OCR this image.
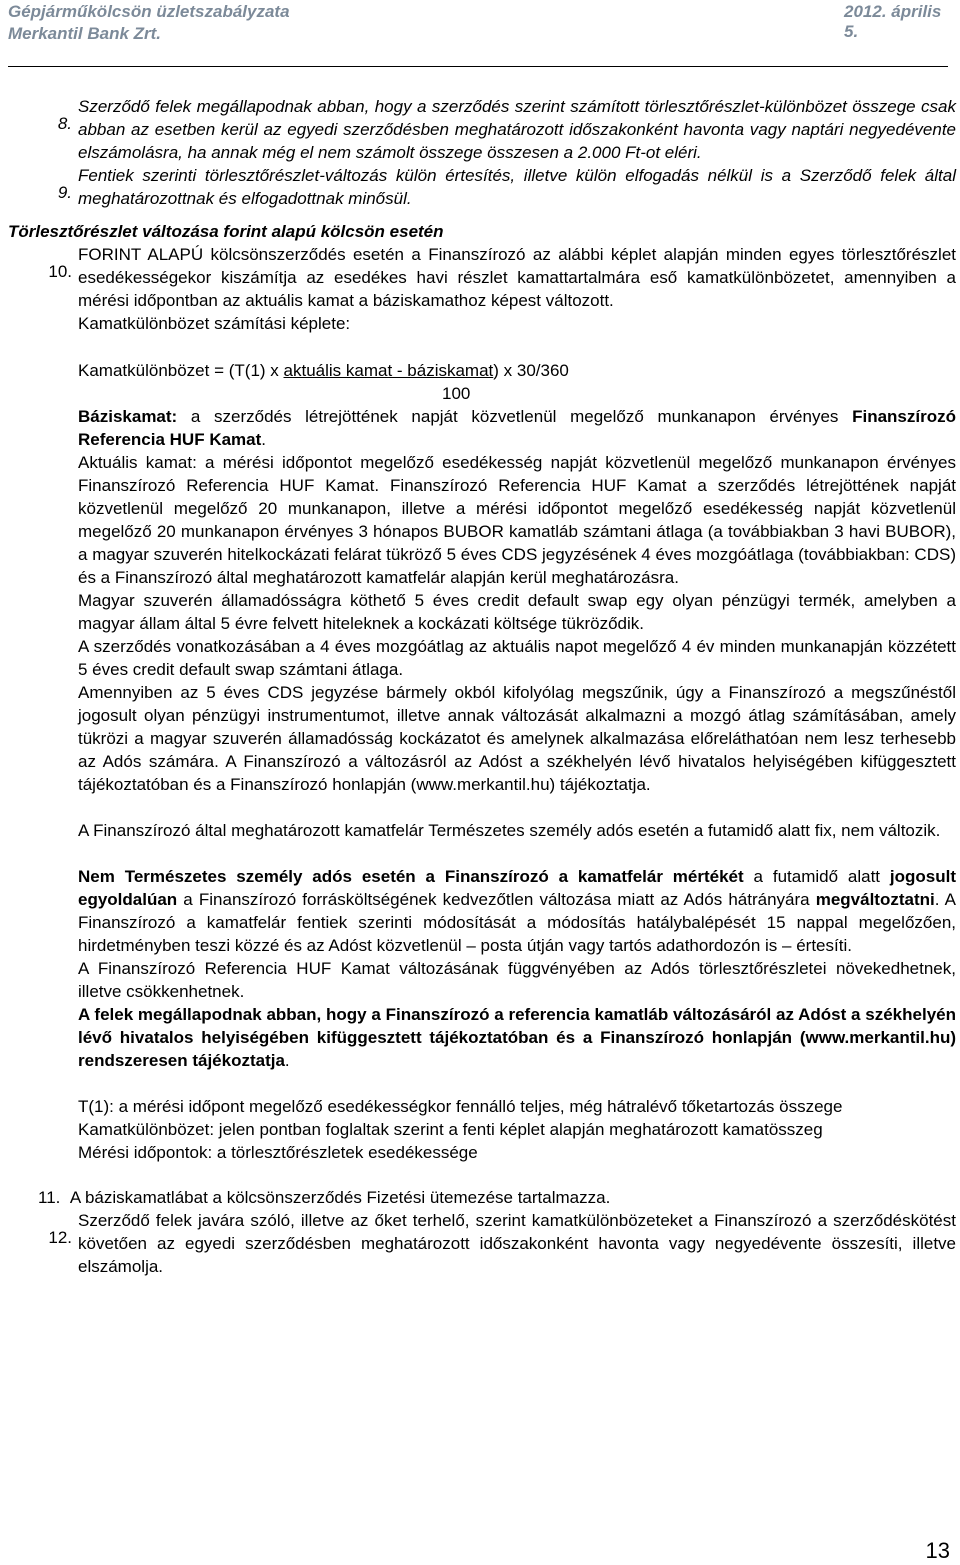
Gépjárműkölcsön üzletszabályzata
Merkantil Bank Zrt.
2012. április 5.

8.
Szerződő felek megállapodnak abban, hogy a szerződés szerint számított törlesztőrészlet-különbözet összege csak abban az esetben kerül az egyedi szerződésben meghatározott időszakonként havonta vagy naptári negyedévente elszámolásra, ha annak még el nem számolt összege összesen a 2.000 Ft-ot eléri.

9.
Fentiek szerinti törlesztőrészlet-változás külön értesítés, illetve külön elfogadás nélkül is a Szerződő felek által meghatározottnak és elfogadottnak minősül.

Törlesztőrészlet változása forint alapú kölcsön esetén

10.
FORINT ALAPÚ kölcsönszerződés esetén a Finanszírozó az alábbi képlet alapján minden egyes törlesztőrészlet esedékességekor kiszámítja az esedékes havi részlet kamattartalmára eső kamatkülönbözetet, amennyiben a mérési időpontban az aktuális kamat a báziskamathoz képest változott.

Kamatkülönbözet számítási képlete:

Kamatkülönbözet = (T(1) x aktuális kamat - báziskamat) x 30/360

100

Báziskamat: a szerződés létrejöttének napját közvetlenül megelőző munkanapon érvényes Finanszírozó Referencia HUF Kamat.

Aktuális kamat: a mérési időpontot megelőző esedékesség napját közvetlenül megelőző munkanapon érvényes Finanszírozó Referencia HUF Kamat. Finanszírozó Referencia HUF Kamat a szerződés létrejöttének napját közvetlenül megelőző 20 munkanapon, illetve a mérési időpontot megelőző esedékesség napját közvetlenül megelőző 20 munkanapon érvényes 3 hónapos BUBOR kamatláb számtani átlaga (a továbbiakban 3 havi BUBOR), a magyar szuverén hitelkockázati felárat tükröző 5 éves CDS jegyzésének 4 éves mozgóátlaga (továbbiakban: CDS) és a Finanszírozó által meghatározott kamatfelár alapján kerül meghatározásra.

Magyar szuverén államadósságra köthető 5 éves credit default swap egy olyan pénzügyi termék, amelyben a magyar állam által 5 évre felvett hiteleknek a kockázati költsége tükröződik.

A szerződés vonatkozásában a 4 éves mozgóátlag az aktuális napot megelőző 4 év minden munkanapján közzétett 5 éves credit default swap számtani átlaga.

Amennyiben az 5 éves CDS jegyzése bármely okból kifolyólag megszűnik, úgy a Finanszírozó a megszűnéstől jogosult olyan pénzügyi instrumentumot, illetve annak változását alkalmazni a mozgó átlag számításában, amely tükrözi a magyar szuverén államadósság kockázatot és amelynek alkalmazása előreláthatóan nem lesz terhesebb az Adós számára. A Finanszírozó a változásról az Adóst a székhelyén lévő hivatalos helyiségében kifüggesztett tájékoztatóban és a Finanszírozó honlapján (www.merkantil.hu) tájékoztatja.

A Finanszírozó által meghatározott kamatfelár Természetes személy adós esetén a futamidő alatt fix, nem változik.

Nem Természetes személy adós esetén a Finanszírozó a kamatfelár mértékét a futamidő alatt jogosult egyoldalúan a Finanszírozó forrásköltségének kedvezőtlen változása miatt az Adós hátrányára megváltoztatni. A Finanszírozó a kamatfelár fentiek szerinti módosítását a módosítás hatálybalépését 15 nappal megelőzően, hirdetményben teszi közzé és az Adóst közvetlenül – posta útján vagy tartós adathordozón is – értesíti.

A Finanszírozó Referencia HUF Kamat változásának függvényében az Adós törlesztőrészletei növekedhetnek, illetve csökkenhetnek.

A felek megállapodnak abban, hogy a Finanszírozó a referencia kamatláb változásáról az Adóst a székhelyén lévő hivatalos helyiségében kifüggesztett tájékoztatóban és a Finanszírozó honlapján (www.merkantil.hu) rendszeresen tájékoztatja.

T(1): a mérési időpont megelőző esedékességkor fennálló teljes, még hátralévő tőketartozás összege

Kamatkülönbözet: jelen pontban foglaltak szerint a fenti képlet alapján meghatározott kamatösszeg

Mérési időpontok: a törlesztőrészletek esedékessége

11. A báziskamatlábat a kölcsönszerződés Fizetési ütemezése tartalmazza.

12.
Szerződő felek javára szóló, illetve az őket terhelő, szerint kamatkülönbözeteket a Finanszírozó a szerződéskötést követően az egyedi szerződésben meghatározott időszakonként havonta vagy negyedévente összesíti, illetve elszámolja.

13
